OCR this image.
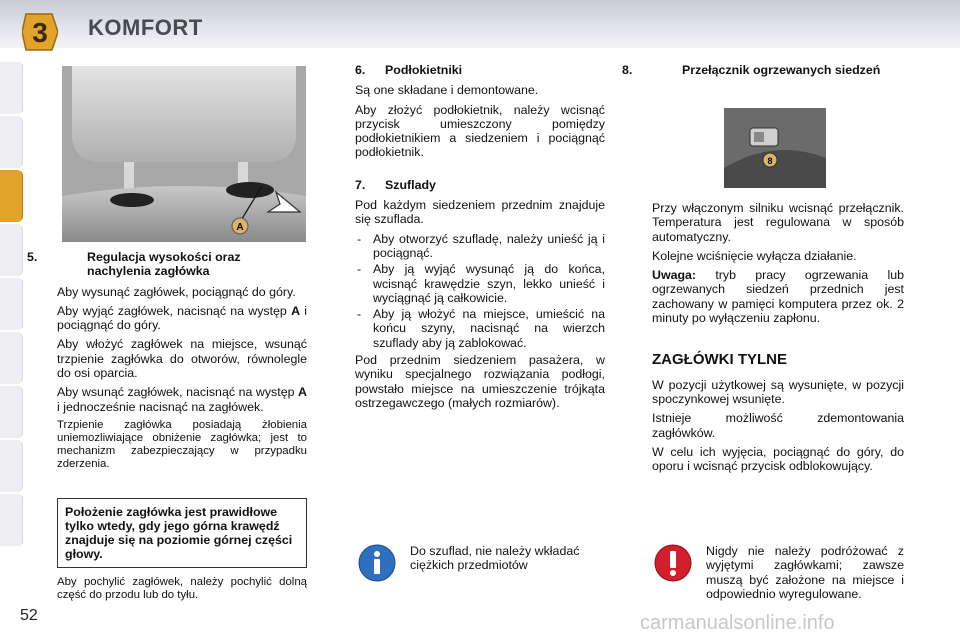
3 KOMFORT
A
5.	Regulacja wysokości oraz nachylenia zagłówka

Aby wysunąć zagłówek, pociągnąć do góry.

Aby wyjąć zagłówek, nacisnąć na występ A i pociągnąć do góry.

Aby włożyć zagłówek na miejsce, wsunąć trzpienie zagłówka do otworów, równolegle do osi oparcia.

Aby wsunąć zagłówek, nacisnąć na występ A i jednocześnie nacisnąć na zagłówek.

Trzpienie zagłówka posiadają żłobienia uniemozliwiające obniżenie zagłówka; jest to mechanizm zabezpieczający w przypadku zderzenia.

Położenie zagłówka jest prawidłowe tylko wtedy, gdy jego górna krawędź znajduje się na poziomie górnej części głowy.

Aby pochylić zagłówek, należy pochylić dolną część do przodu lub do tyłu.

6. Podłokietniki

Są one składane i demontowane.

Aby złożyć podłokietnik, należy wcisnąć przycisk umieszczony pomiędzy podłokietnikiem a siedzeniem i pociągnąć podłokietnik.

7. Szuflady

Pod każdym siedzeniem przednim znajduje się szuflada.

- Aby otworzyć szufladę, należy unieść ją i pociągnąć.
- Aby ją wyjąć wysunąć ją do końca, wcisnąć krawędzie szyn, lekko unieść i wyciągnąć ją całkowicie.
- Aby ją włożyć na miejsce, umieścić na końcu szyny, nacisnąć na wierzch szuflady aby ją zablokować.

Pod przednim siedzeniem pasażera, w wyniku specjalnego rozwiązania podłogi, powstało miejsce na umieszczenie trójkąta ostrzegawczego (małych rozmiarów).

Do szuflad, nie należy wkładać ciężkich przedmiotów

8.	Przełącznik ogrzewanych siedzeń
8

Przy włączonym silniku wcisnąć przełącznik. Temperatura jest regulowana w sposób automatyczny.

Kolejne wciśnięcie wyłącza działanie.

Uwaga: tryb pracy ogrzewania lub ogrzewanych siedzeń przednich jest zachowany w pamięci komputera przez ok. 2 minuty po wyłączeniu zapłonu.

ZAGŁÓWKI TYLNE

W pozycji użytkowej są wysunięte, w pozycji spoczynkowej wsunięte.

Istnieje możliwość zdemontowania zagłówków.

W celu ich wyjęcia, pociągnąć do góry, do oporu i wcisnąć przycisk odblokowujący.

Nigdy nie należy podróżować z wyjętymi zagłówkami; zawsze muszą być założone na miejsce i odpowiednio wyregulowane.

52	carmanualsonline.info
